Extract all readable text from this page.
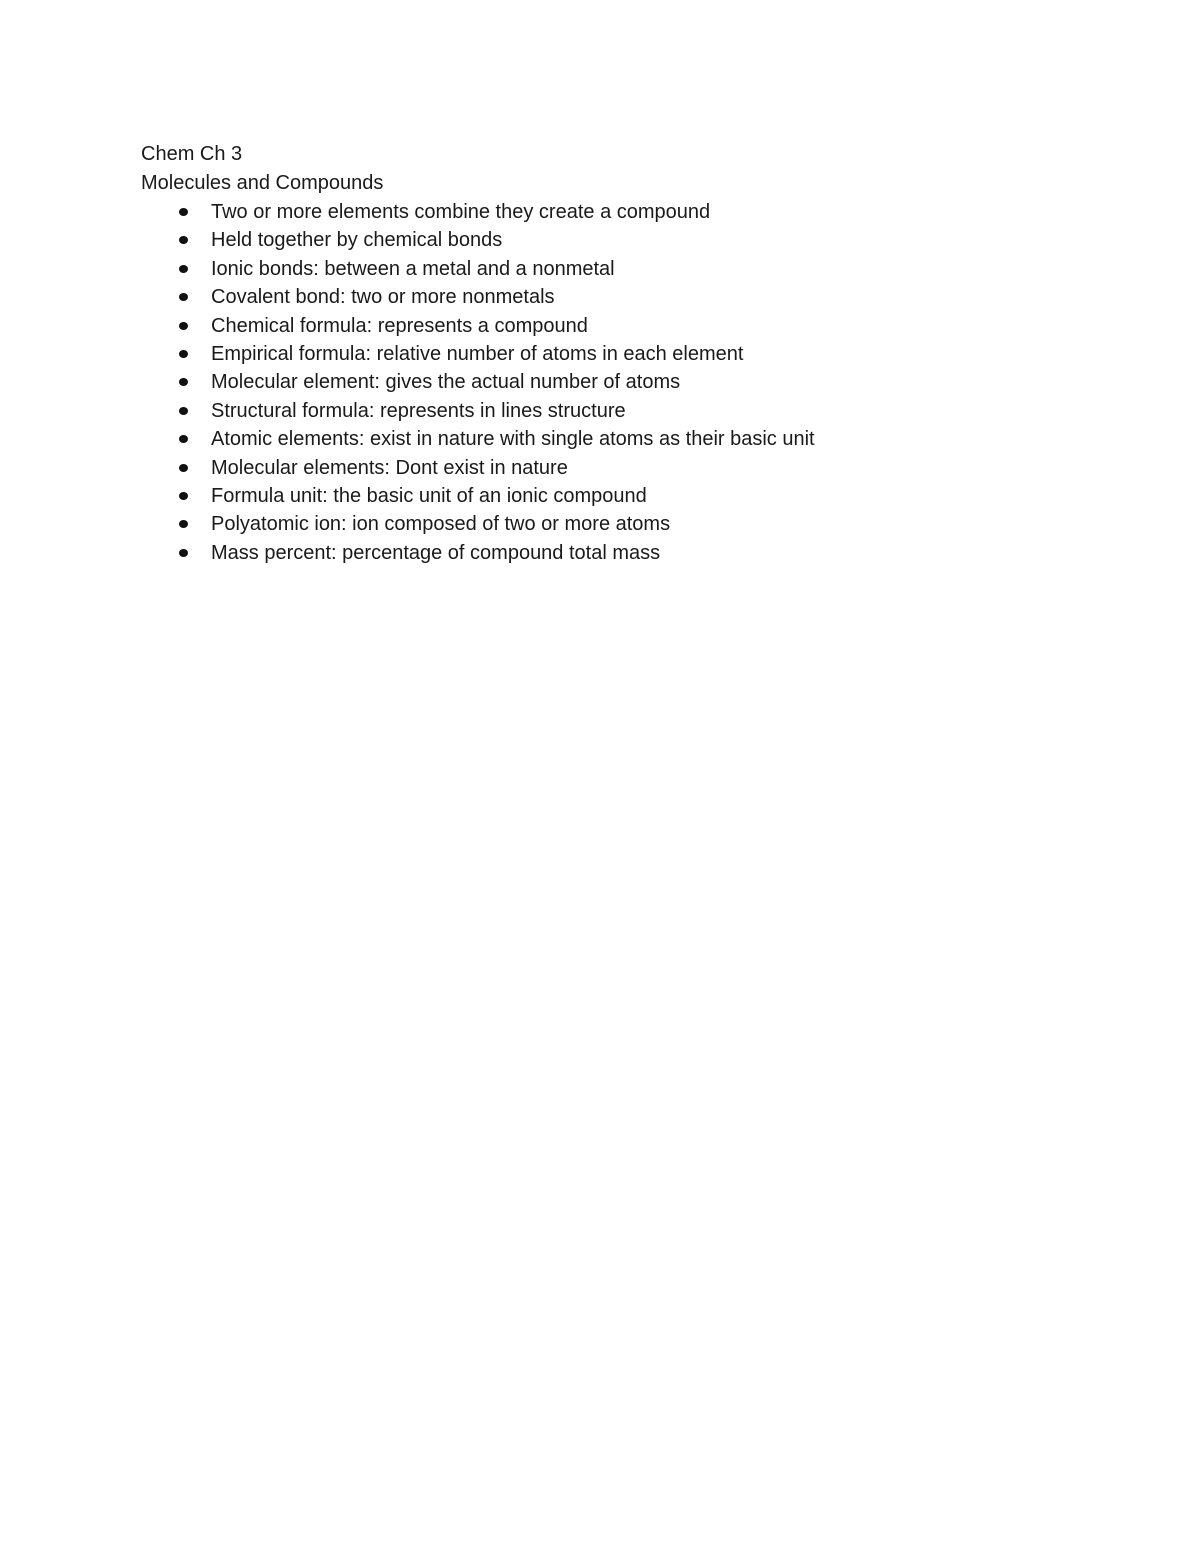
Chem Ch 3
Molecules and Compounds
Two or more elements combine they create a compound
Held together by chemical bonds
Ionic bonds: between a metal and a nonmetal
Covalent bond: two or more nonmetals
Chemical formula: represents a compound
Empirical formula: relative number of atoms in each element
Molecular element: gives the actual number of atoms
Structural formula: represents in lines structure
Atomic elements: exist in nature with single atoms as their basic unit
Molecular elements: Dont exist in nature
Formula unit: the basic unit of an ionic compound
Polyatomic ion: ion composed of two or more atoms
Mass percent: percentage of compound total mass
